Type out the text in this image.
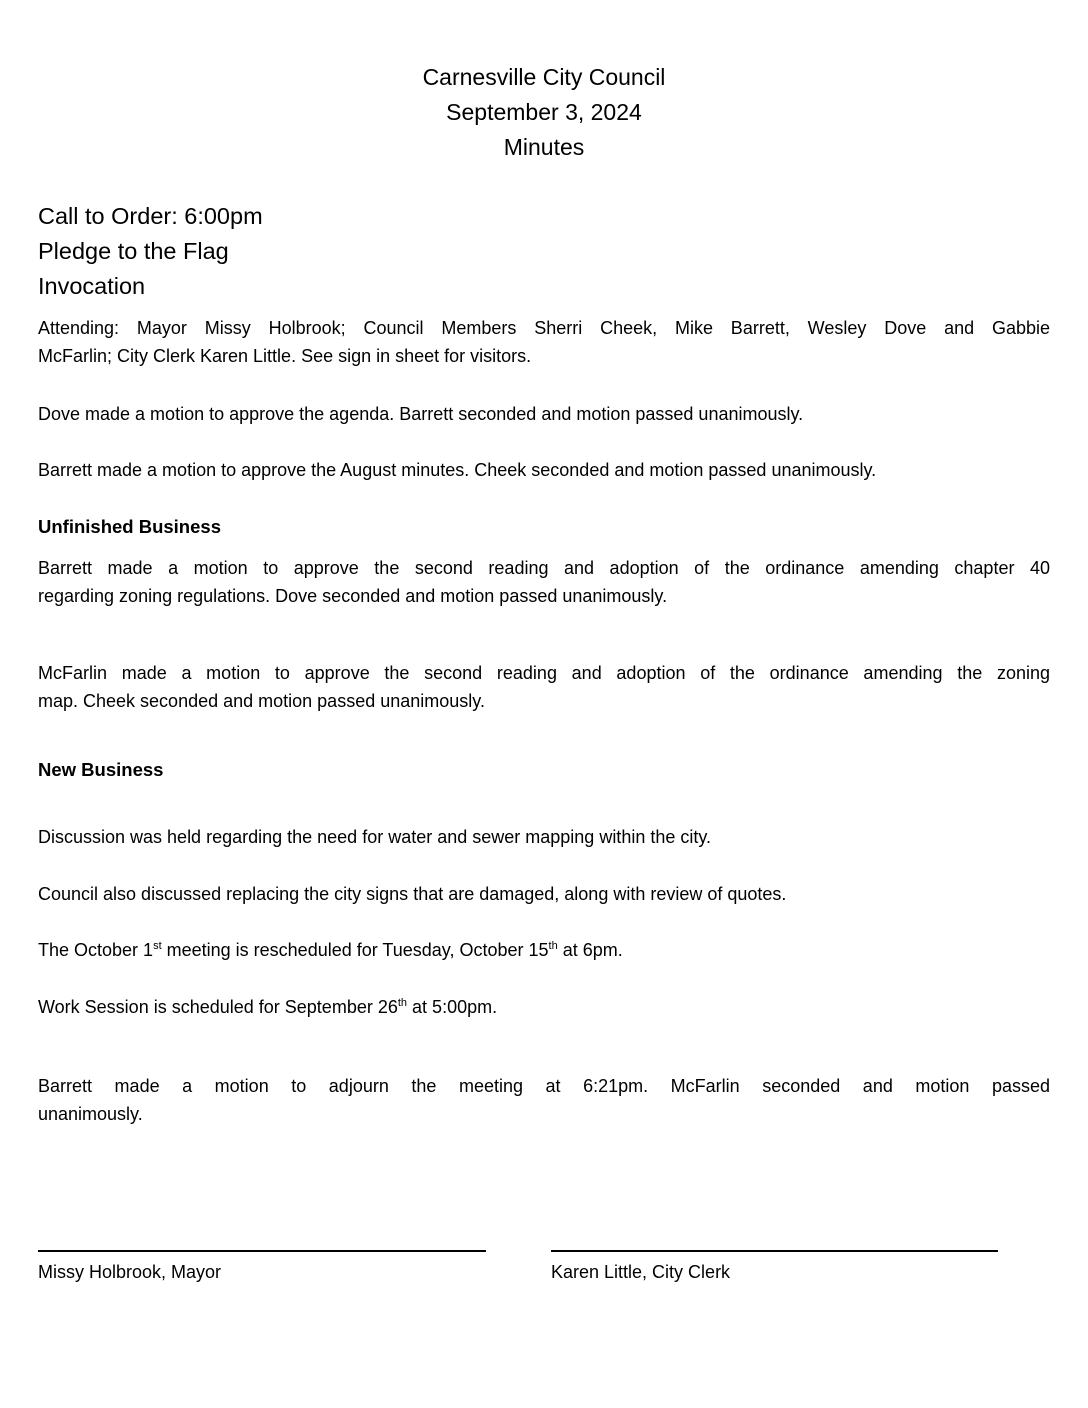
Carnesville City Council

September 3, 2024

Minutes

Call to Order: 6:00pm

Pledge to the Flag

Invocation

Attending: Mayor Missy Holbrook; Council Members Sherri Cheek, Mike Barrett, Wesley Dove and Gabbie
McFarlin; City Clerk Karen Little. See sign in sheet for visitors.

Dove made a motion to approve the agenda. Barrett seconded and motion passed unanimously.

Barrett made a motion to approve the August minutes. Cheek seconded and motion passed unanimously.

Unfinished Business

Barrett made a motion to approve the second reading and adoption of the ordinance amending chapter 40
regarding zoning regulations. Dove seconded and motion passed unanimously.
McFarlin made a motion to approve the second reading and adoption of the ordinance amending the zoning
map. Cheek seconded and motion passed unanimously.

New Business

Discussion was held regarding the need for water and sewer mapping within the city.

Council also discussed replacing the city signs that are damaged, along with review of quotes.

The October 1st meeting is rescheduled for Tuesday, October 15th at 6pm.

Work Session is scheduled for September 26th at 5:00pm.

Barrett made a motion to adjourn the meeting at 6:21pm. McFarlin seconded and motion passed
unanimously.

Missy Holbrook, Mayor	Karen Little, City Clerk
